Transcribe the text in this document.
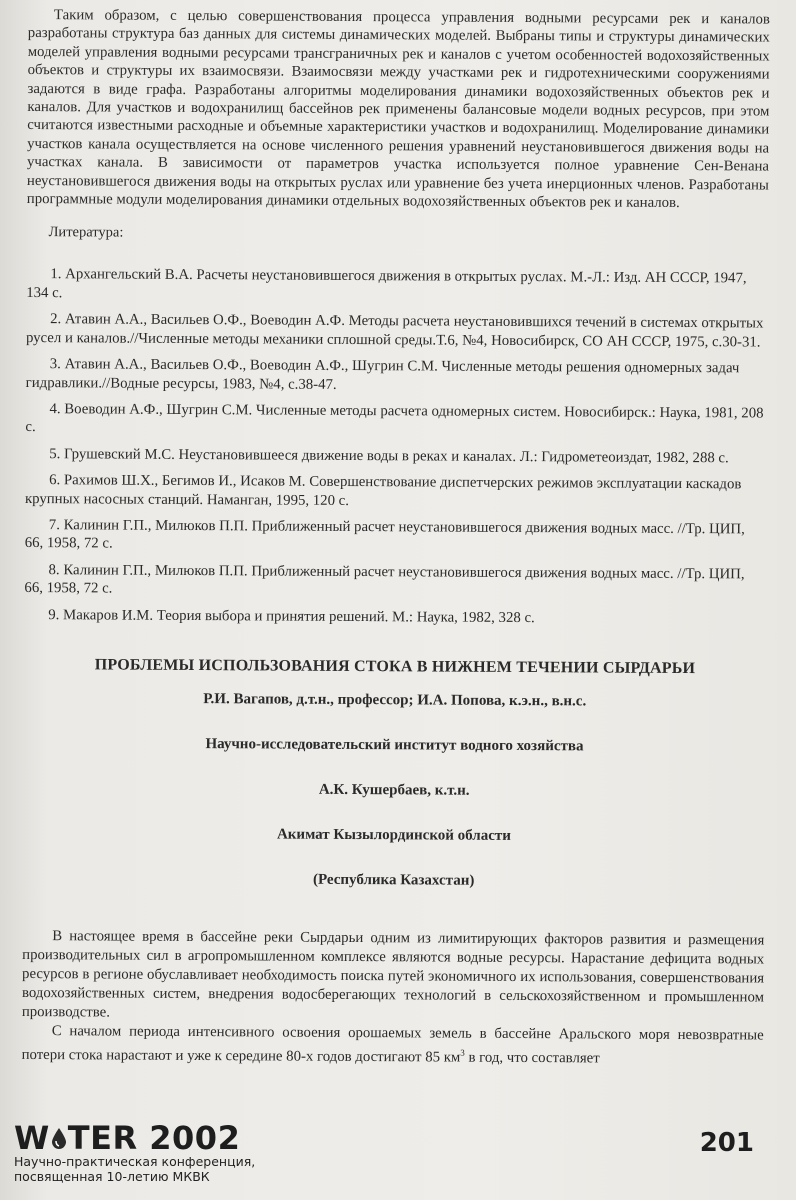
Таким образом, с целью совершенствования процесса управления водными ресурсами рек и каналов разработаны структура баз данных для системы динамических моделей. Выбраны типы и структуры динамических моделей управления водными ресурсами трансграничных рек и каналов с учетом особенностей водохозяйственных объектов и структуры их взаимосвязи. Взаимосвязи между участками рек и гидротехническими сооружениями задаются в виде графа. Разработаны алгоритмы моделирования динамики водохозяйственных объектов рек и каналов. Для участков и водохранилищ бассейнов рек применены балансовые модели водных ресурсов, при этом считаются известными расходные и объемные характеристики участков и водохранилищ. Моделирование динамики участков канала осуществляется на основе численного решения уравнений неустановившегося движения воды на участках канала. В зависимости от параметров участка используется полное уравнение Сен-Венана неустановившегося движения воды на открытых руслах или уравнение без учета инерционных членов. Разработаны программные модули моделирования динамики отдельных водохозяйственных объектов рек и каналов.

Литература:

1. Архангельский В.А. Расчеты неустановившегося движения в открытых руслах. М.-Л.: Изд. АН СССР, 1947, 134 с.
2. Атавин А.А., Васильев О.Ф., Воеводин А.Ф. Методы расчета неустановившихся течений в системах открытых русел и каналов.//Численные методы механики сплошной среды.Т.6, №4, Новосибирск, СО АН СССР, 1975, с.30-31.
3. Атавин А.А., Васильев О.Ф., Воеводин А.Ф., Шугрин С.М. Численные методы решения одномерных задач гидравлики.//Водные ресурсы, 1983, №4, с.38-47.
4. Воеводин А.Ф., Шугрин С.М. Численные методы расчета одномерных систем. Новосибирск.: Наука, 1981, 208 с.
5. Грушевский М.С. Неустановившееся движение воды в реках и каналах. Л.: Гидрометеоиздат, 1982, 288 с.
6. Рахимов Ш.Х., Бегимов И., Исаков М. Совершенствование диспетчерских режимов эксплуатации каскадов крупных насосных станций. Наманган, 1995, 120 с.
7. Калинин Г.П., Милюков П.П. Приближенный расчет неустановившегося движения водных масс. //Тр. ЦИП, 66, 1958, 72 с.
8. Калинин Г.П., Милюков П.П. Приближенный расчет неустановившегося движения водных масс. //Тр. ЦИП, 66, 1958, 72 с.
9. Макаров И.М. Теория выбора и принятия решений. М.: Наука, 1982, 328 с.

ПРОБЛЕМЫ ИСПОЛЬЗОВАНИЯ СТОКА В НИЖНЕМ ТЕЧЕНИИ СЫРДАРЬИ

Р.И. Вагапов, д.т.н., профессор; И.А. Попова, к.э.н., в.н.с.

Научно-исследовательский институт водного хозяйства

А.К. Кушербаев, к.т.н.

Акимат Кызылординской области

(Республика Казахстан)

В настоящее время в бассейне реки Сырдарьи одним из лимитирующих факторов развития и размещения производительных сил в агропромышленном комплексе являются водные ресурсы. Нарастание дефицита водных ресурсов в регионе обуславливает необходимость поиска путей экономичного их использования, совершенствования водохозяйственных систем, внедрения водосберегающих технологий в сельскохозяйственном и промышленном производстве.

С началом периода интенсивного освоения орошаемых земель в бассейне Аральского моря невозвратные потери стока нарастают и уже к середине 80-х годов достигают 85 $км^3$ в год, что составляет

W TER 2002
Научно-практическая конференция,
посвященная 10-летию МКВК
201
